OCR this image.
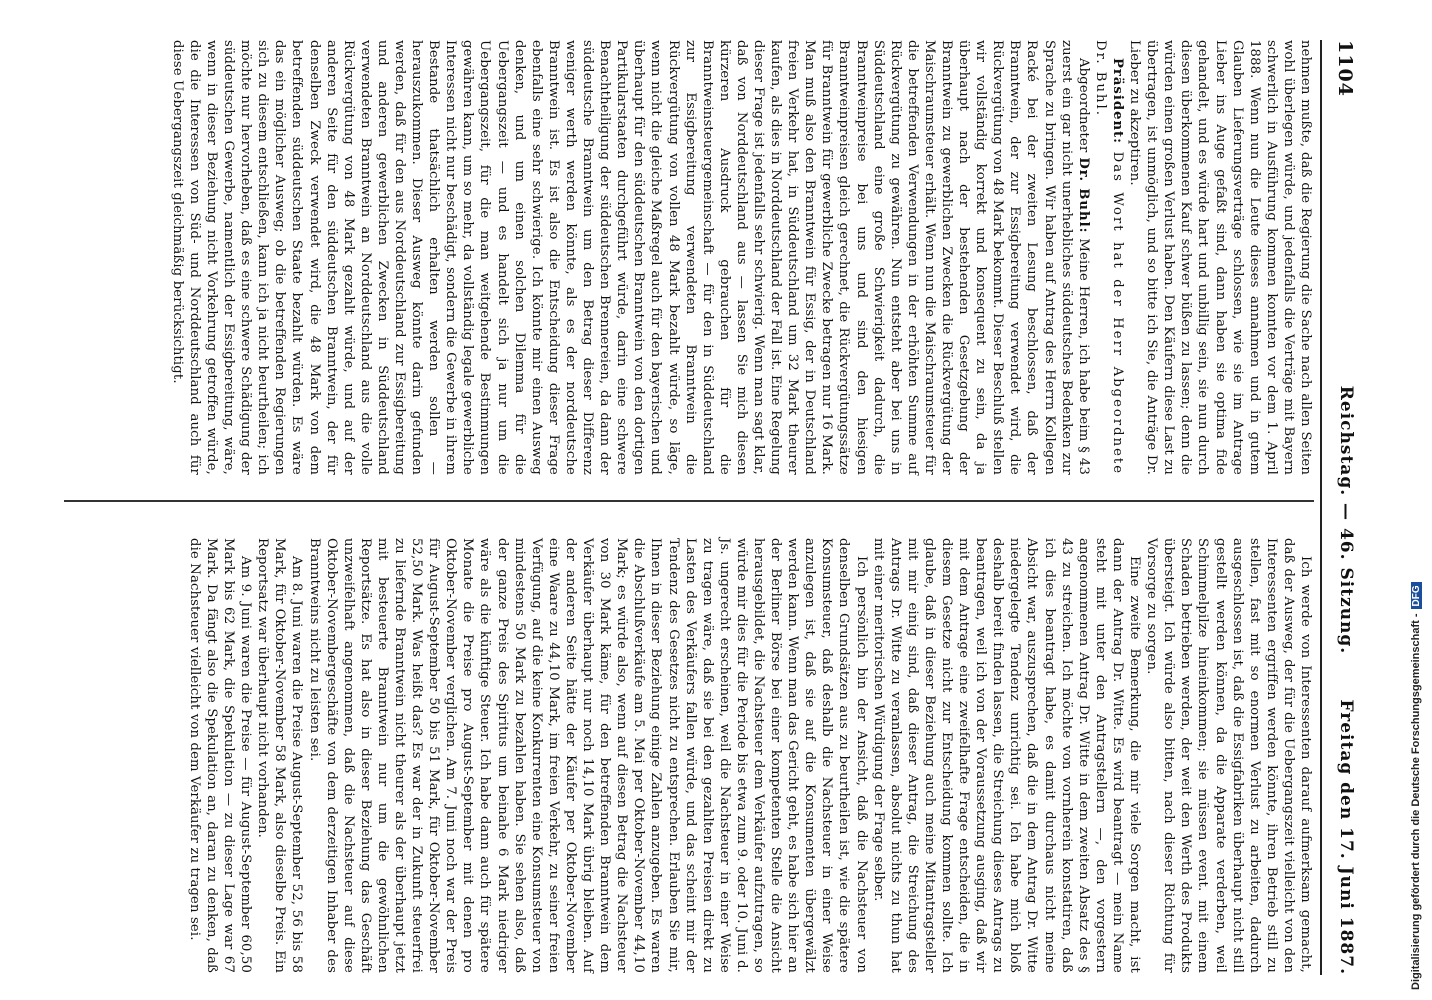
1104
Reichstag. — 46. Sitzung.
Freitag den 17. Juni 1887.

nehmen mußte, daß die Regierung die Sache nach allen Seiten wohl überlegen würde, und jedenfalls die Verträge mit Bayern schwerlich in Ausführung kommen konnten vor dem 1. April 1888. Wenn nun die Leute dieses annahmen und in gutem Glauben Lieferungsverträge schlossen, wie sie im Antrage Lieber ins Auge gefaßt sind, dann haben sie optima fide gehandelt, und es würde hart und unbillig sein, sie nun durch diesen überkommenen Kauf schwer büßen zu lassen; denn die würden einen großen Verlust haben. Den Käufern diese Last zu übertragen, ist unmöglich, und so bitte ich Sie, die Anträge Dr. Lieber zu akzeptiren.

Präsident: Das Wort hat der Herr Abgeordnete Dr. Buhl.

Abgeordneter Dr. Buhl: Meine Herren, ich habe beim § 43 zuerst ein gar nicht unerhebliches süddeutsches Bedenken zur Sprache zu bringen. Wir haben auf Antrag des Herrn Kollegen Racké bei der zweiten Lesung beschlossen, daß der Branntwein, der zur Essigbereitung verwendet wird, die Rückvergütung von 48 Mark bekommt. Dieser Beschluß stellen wir vollständig korrekt und konsequent zu sein, da ja überhaupt nach der bestehenden Gesetzgebung der Branntwein zu gewerblichen Zwecken die Rückvergütung der Maischraumsteuer erhält. Wenn nun die Maischraumsteuer für die betreffenden Verwendungen in der erhöhten Summe auf Rückvergütung zu gewähren. Nun entsteht aber bei uns in Süddeutschland eine große Schwierigkeit dadurch, die Branntweinpreise bei uns und sind den hiesigen Branntweinpreisen gleich gerechnet, die Rückvergütungssätze für Branntwein für gewerbliche Zwecke betragen nur 16 Mark. Man muß also den Branntwein für Essig, der in Deutschland freien Verkehr hat, in Süddeutschland um 32 Mark theurer kaufen, als dies in Norddeutschland der Fall ist. Eine Regelung dieser Frage ist jedenfalls sehr schwierig. Wenn man sagt klar, daß von Norddeutschland aus — lassen Sie mich diesen kürzeren Ausdruck gebrauchen für die Branntweinsteuergemeinschaft — für den in Süddeutschland zur Essigbereitung verwendeten Branntwein die Rückvergütung von vollen 48 Mark bezahlt würde, so läge, wenn nicht die gleiche Maßregel auch für den bayerischen und überhaupt für den süddeutschen Branntwein von den dortigen Partikularstaaten durchgeführt würde, darin eine schwere Benachtheiligung der süddeutschen Brennereien, da dann der süddeutsche Branntwein um den Betrag dieser Differenz weniger werth werden könnte, als es der norddeutsche Branntwein ist. Es ist also die Entscheidung dieser Frage ebenfalls eine sehr schwierige. Ich könnte mir einen Ausweg denken, und um einen solchen Dilemma für die Uebergangszeit — und es handelt sich ja nur um die Uebergangszeit, für die man weitgehende Bestimmungen gewähren kann, um so mehr, da vollständig legale gewerbliche Interessen nicht nur beschädigt, sondern die Gewerbe in ihrem Bestande thatsächlich erhalten werden sollen — herauszukommen. Dieser Ausweg könnte darin gefunden werden, daß für den aus Norddeutschland zur Essigbereitung und anderen gewerblichen Zwecken in Süddeutschland verwendeten Branntwein an Norddeutschland aus die volle Rückvergütung von 48 Mark gezahlt würde, und auf der anderen Seite für den süddeutschen Branntwein, der für denselben Zweck verwendet wird, die 48 Mark von dem betreffenden süddeutschen Staate bezahlt würden. Es wäre das ein möglicher Ausweg; ob die betreffenden Regierungen sich zu diesem entschließen, kann ich ja nicht beurtheilen; ich möchte nur hervorheben, daß es eine schwere Schädigung der süddeutschen Gewerbe, namentlich der Essigbereitung, wäre, wenn in dieser Beziehung nicht Vorkehrung getroffen würde, die die Interessen von Süd- und Norddeutschland auch für diese Uebergangszeit gleichmäßig berücksichtigt.

Ich werde von Interessenten darauf aufmerksam gemacht, daß der Ausweg, der für die Uebergangszeit vielleicht von den Interessenten ergriffen werden könnte, ihren Betrieb still zu stellen, fast mit so enormen Verlust zu arbeiten, dadurch ausgeschlossen ist, daß die Essigfabriken überhaupt nicht still gestellt werden können, da die Apparate verderben, weil Schimmelpilze hineinkommen; sie müssen event. mit einem Schaden betrieben werden, der weit den Werth des Produkts übersteigt. Ich würde also bitten, nach dieser Richtung für Vorsorge zu sorgen.

Eine zweite Bemerkung, die mir viele Sorgen macht, ist dann der Antrag Dr. Witte. Es wird beantragt — mein Name steht mit unter den Antragstellern —, den vorgestern angenommenen Antrag Dr. Witte in dem zweiten Absatz des § 43 zu streichen. Ich möchte von vornherein konstatiren, daß ich dies beantragt habe, es damit durchaus nicht meine Absicht war, auszusprechen, daß die in dem Antrag Dr. Witte niedergelegte Tendenz unrichtig sei. Ich habe mich bloß deshalb bereit finden lassen, die Streichung dieses Antrags zu beantragen, weil ich von der Voraussetzung ausging, daß wir mit dem Antrage eine zweifelhafte Frage entscheiden, die in diesem Gesetze nicht zur Entscheidung kommen sollte. Ich glaube, daß in dieser Beziehung auch meine Mitantragsteller mit mir einig sind, daß dieser Antrag, die Streichung des Antrags Dr. Witte zu veranlassen, absolut nichts zu thun hat mit einer meritorischen Würdigung der Frage selber.

Ich persönlich bin der Ansicht, daß die Nachsteuer von denselben Grundsätzen aus zu beurtheilen ist, wie die spätere Konsumsteuer, daß deshalb die Nachsteuer in einer Weise anzulegen ist, daß sie auf die Konsumenten übergewälzt werden kann. Wenn man das Gericht geht, es habe sich hier an der Berliner Börse bei einer kompetenten Stelle die Ansicht herausgebildet, die Nachsteuer dem Verkäufer aufzutragen, so würde mir dies für die Periode bis etwa zum 9. oder 10. Juni d. Js. ungerecht erscheinen, weil die Nachsteuer in einer Weise zu tragen wäre, daß sie bei den gezahlten Preisen direkt zu Lasten des Verkäufers fallen würde, und das scheint mir der Tendenz des Gesetzes nicht zu entsprechen. Erlauben Sie mir, Ihnen in dieser Beziehung einige Zahlen anzugeben. Es waren die Abschlußverkäufe am 5. Mai per Oktober-November 44,10 Mark; es würde also, wenn auf diesen Betrag die Nachsteuer von 30 Mark käme, für den betreffenden Branntwein dem Verkäufer überhaupt nur noch 14,10 Mark übrig bleiben. Auf der anderen Seite hätte der Käufer per Oktober-November eine Waare zu 44,10 Mark, im freien Verkehr, zu seiner freien Verfügung, auf die keine Konkurrenten eine Konsumsteuer von mindestens 50 Mark zu bezahlen haben. Sie sehen also, daß der ganze Preis des Spiritus um beinahe 6 Mark niedriger wäre als die künftige Steuer. Ich habe dann auch für spätere Monate die Preise pro August-September mit denen pro Oktober-November verglichen. Am 7. Juni noch war der Preis für August-September 50 bis 51 Mark, für Oktober-November 52,50 Mark. Was heißt das? Es war der in Zukunft steuerfrei zu liefernde Branntwein nicht theurer als der überhaupt jetzt mit besteuerte Branntwein nur um die gewöhnlichen Reportsätze. Es hat also in dieser Beziehung das Geschäft unzweifelhaft angenommen, daß die Nachsteuer auf diese Oktober-Novembergeschäfte von dem derzeitigen Inhaber des Branntweins nicht zu leisten sei.

Am 8. Juni waren die Preise August-September 52, 56 bis 58 Mark, für Oktober-November 58 Mark, also dieselbe Preis. Ein Reportsatz war überhaupt nicht vorhanden.

Am 9. Juni waren die Preise — für August-September 60,50 Mark bis 62 Mark, die Spekulation — zu dieser Lage war 67 Mark. Da fängt also die Spekulation an, daran zu denken, daß die Nachsteuer vielleicht von dem Verkäufer zu tragen sei.	Digitalisierung gefördert durch die Deutsche Forschungsgemeinschaft -DFG
